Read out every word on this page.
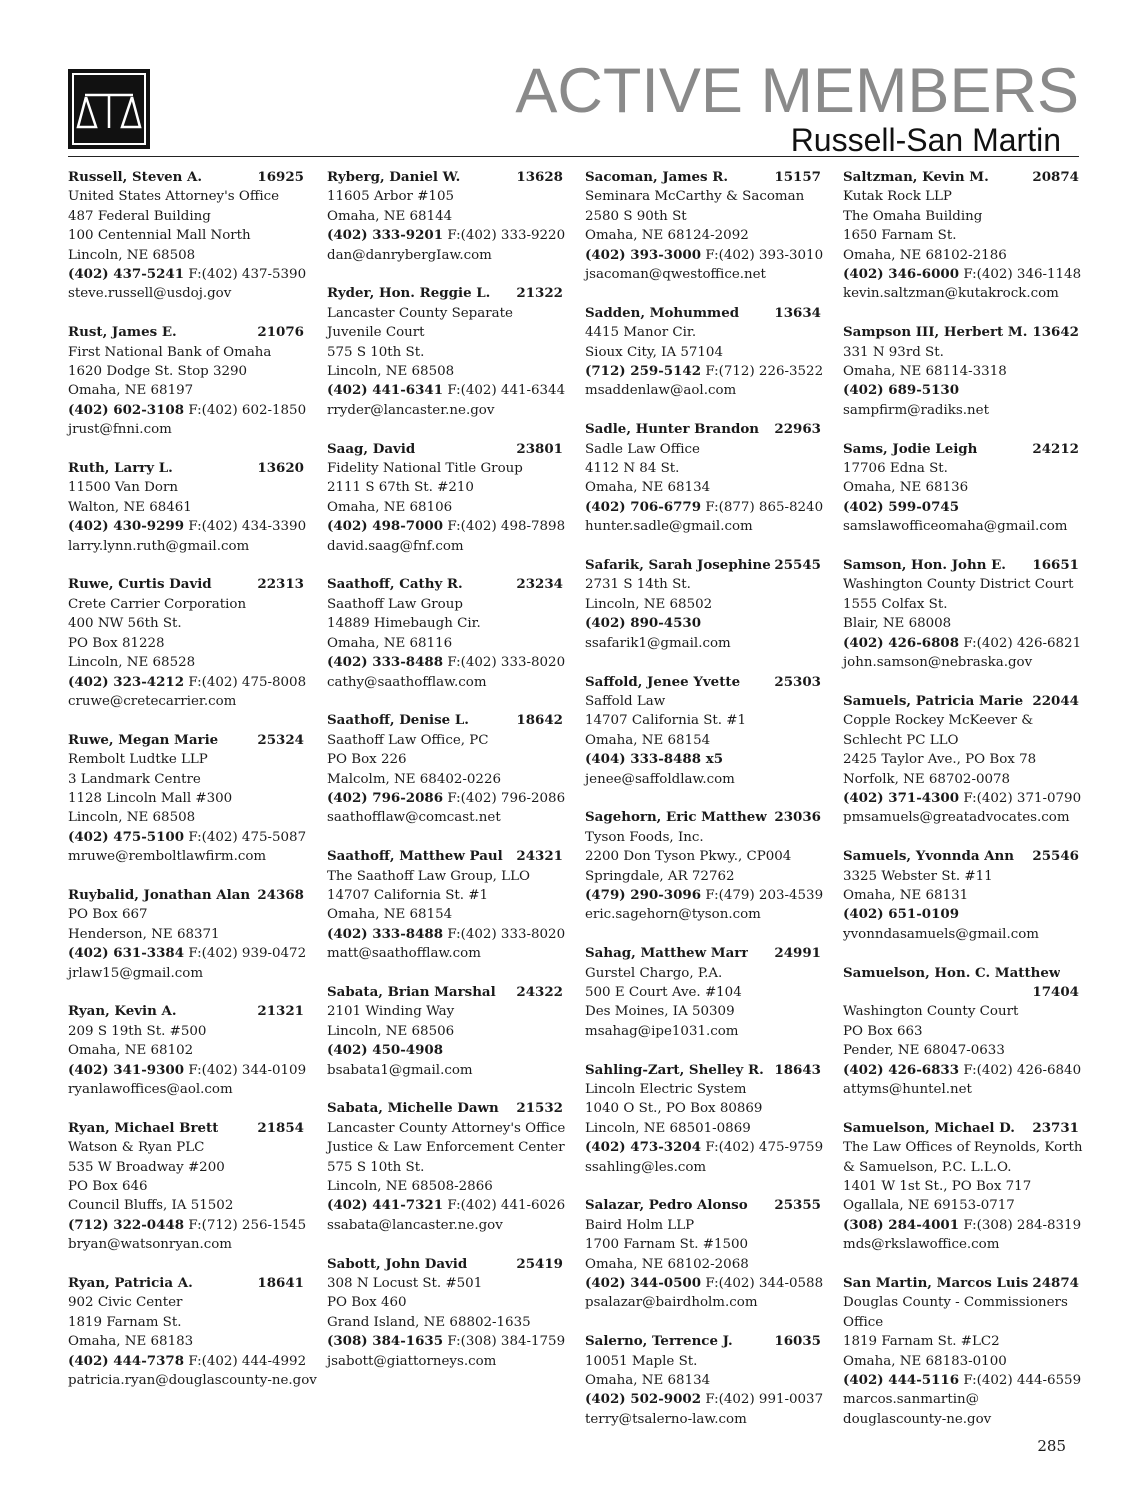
ACTIVE MEMBERS
Russell-San Martin
Russell, Steven A.	16925
United States Attorney's Office
487 Federal Building
100 Centennial Mall North
Lincoln, NE 68508
(402) 437-5241 F:(402) 437-5390
steve.russell@usdoj.gov
Rust, James E.	21076
First National Bank of Omaha
1620 Dodge St. Stop 3290
Omaha, NE 68197
(402) 602-3108 F:(402) 602-1850
jrust@fnni.com
Ruth, Larry L.	13620
11500 Van Dorn
Walton, NE 68461
(402) 430-9299 F:(402) 434-3390
larry.lynn.ruth@gmail.com
Ruwe, Curtis David	22313
Crete Carrier Corporation
400 NW 56th St.
PO Box 81228
Lincoln, NE 68528
(402) 323-4212 F:(402) 475-8008
cruwe@cretecarrier.com
Ruwe, Megan Marie	25324
Rembolt Ludtke LLP
3 Landmark Centre
1128 Lincoln Mall #300
Lincoln, NE 68508
(402) 475-5100 F:(402) 475-5087
mruwe@remboltlawfirm.com
Ruybalid, Jonathan Alan 24368
PO Box 667
Henderson, NE 68371
(402) 631-3384 F:(402) 939-0472
jrlaw15@gmail.com
Ryan, Kevin A.	21321
209 S 19th St. #500
Omaha, NE 68102
(402) 341-9300 F:(402) 344-0109
ryanlawoffices@aol.com
Ryan, Michael Brett	21854
Watson & Ryan PLC
535 W Broadway #200
PO Box 646
Council Bluffs, IA 51502
(712) 322-0448 F:(712) 256-1545
bryan@watsonryan.com
Ryan, Patricia A.	18641
902 Civic Center
1819 Farnam St.
Omaha, NE 68183
(402) 444-7378 F:(402) 444-4992
patricia.ryan@douglascounty-ne.gov
Ryberg, Daniel W.	13628
11605 Arbor #105
Omaha, NE 68144
(402) 333-9201 F:(402) 333-9220
dan@danrybergIaw.com
Ryder, Hon. Reggie L. 21322
Lancaster County Separate
Juvenile Court
575 S 10th St.
Lincoln, NE 68508
(402) 441-6341 F:(402) 441-6344
rryder@lancaster.ne.gov
Saag, David	23801
Fidelity National Title Group
2111 S 67th St. #210
Omaha, NE 68106
(402) 498-7000 F:(402) 498-7898
david.saag@fnf.com
Saathoff, Cathy R.	23234
Saathoff Law Group
14889 Himebaugh Cir.
Omaha, NE 68116
(402) 333-8488 F:(402) 333-8020
cathy@saathofflaw.com
Saathoff, Denise L.	18642
Saathoff Law Office, PC
PO Box 226
Malcolm, NE 68402-0226
(402) 796-2086 F:(402) 796-2086
saathofflaw@comcast.net
Saathoff, Matthew Paul 24321
The Saathoff Law Group, LLO
14707 California St. #1
Omaha, NE 68154
(402) 333-8488 F:(402) 333-8020
matt@saathofflaw.com
Sabata, Brian Marshal 24322
2101 Winding Way
Lincoln, NE 68506
(402) 450-4908
bsabata1@gmail.com
Sabata, Michelle Dawn 21532
Lancaster County Attorney's Office
Justice & Law Enforcement Center
575 S 10th St.
Lincoln, NE 68508-2866
(402) 441-7321 F:(402) 441-6026
ssabata@lancaster.ne.gov
Sabott, John David	25419
308 N Locust St. #501
PO Box 460
Grand Island, NE 68802-1635
(308) 384-1635 F:(308) 384-1759
jsabott@giattorneys.com
Sacoman, James R.	15157
Seminara McCarthy & Sacoman
2580 S 90th St
Omaha, NE 68124-2092
(402) 393-3000 F:(402) 393-3010
jsacoman@qwestoffice.net
Sadden, Mohummed	13634
4415 Manor Cir.
Sioux City, IA 57104
(712) 259-5142 F:(712) 226-3522
msaddenlaw@aol.com
Sadle, Hunter Brandon 22963
Sadle Law Office
4112 N 84 St.
Omaha, NE 68134
(402) 706-6779 F:(877) 865-8240
hunter.sadle@gmail.com
Safarik, Sarah Josephine 25545
2731 S 14th St.
Lincoln, NE 68502
(402) 890-4530
ssafarik1@gmail.com
Saffold, Jenee Yvette	25303
Saffold Law
14707 California St. #1
Omaha, NE 68154
(404) 333-8488 x5
jenee@saffoldlaw.com
Sagehorn, Eric Matthew 23036
Tyson Foods, Inc.
2200 Don Tyson Pkwy., CP004
Springdale, AR 72762
(479) 290-3096 F:(479) 203-4539
eric.sagehorn@tyson.com
Sahag, Matthew Marr 24991
Gurstel Chargo, P.A.
500 E Court Ave. #104
Des Moines, IA 50309
msahag@ipe1031.com
Sahling-Zart, Shelley R. 18643
Lincoln Electric System
1040 O St., PO Box 80869
Lincoln, NE 68501-0869
(402) 473-3204 F:(402) 475-9759
ssahling@les.com
Salazar, Pedro Alonso 25355
Baird Holm LLP
1700 Farnam St. #1500
Omaha, NE 68102-2068
(402) 344-0500 F:(402) 344-0588
psalazar@bairdholm.com
Salerno, Terrence J.	16035
10051 Maple St.
Omaha, NE 68134
(402) 502-9002 F:(402) 991-0037
terry@tsalerno-law.com
Saltzman, Kevin M.	20874
Kutak Rock LLP
The Omaha Building
1650 Farnam St.
Omaha, NE 68102-2186
(402) 346-6000 F:(402) 346-1148
kevin.saltzman@kutakrock.com
Sampson III, Herbert M. 13642
331 N 93rd St.
Omaha, NE 68114-3318
(402) 689-5130
sampfirm@radiks.net
Sams, Jodie Leigh	24212
17706 Edna St.
Omaha, NE 68136
(402) 599-0745
samslawofficeomaha@gmail.com
Samson, Hon. John E. 16651
Washington County District Court
1555 Colfax St.
Blair, NE 68008
(402) 426-6808 F:(402) 426-6821
john.samson@nebraska.gov
Samuels, Patricia Marie 22044
Copple Rockey McKeever &
Schlecht PC LLO
2425 Taylor Ave., PO Box 78
Norfolk, NE 68702-0078
(402) 371-4300 F:(402) 371-0790
pmsamuels@greatadvocates.com
Samuels, Yvonnda Ann 25546
3325 Webster St. #11
Omaha, NE 68131
(402) 651-0109
yvonndasamuels@gmail.com
Samuelson, Hon. C. Matthew
17404
Washington County Court
PO Box 663
Pender, NE 68047-0633
(402) 426-6833 F:(402) 426-6840
attyms@huntel.net
Samuelson, Michael D. 23731
The Law Offices of Reynolds, Korth
& Samuelson, P.C. L.L.O.
1401 W 1st St., PO Box 717
Ogallala, NE 69153-0717
(308) 284-4001 F:(308) 284-8319
mds@rkslawoffice.com
San Martin, Marcos Luis 24874
Douglas County - Commissioners
Office
1819 Farnam St. #LC2
Omaha, NE 68183-0100
(402) 444-5116 F:(402) 444-6559
marcos.sanmartin@
douglascounty-ne.gov
285
